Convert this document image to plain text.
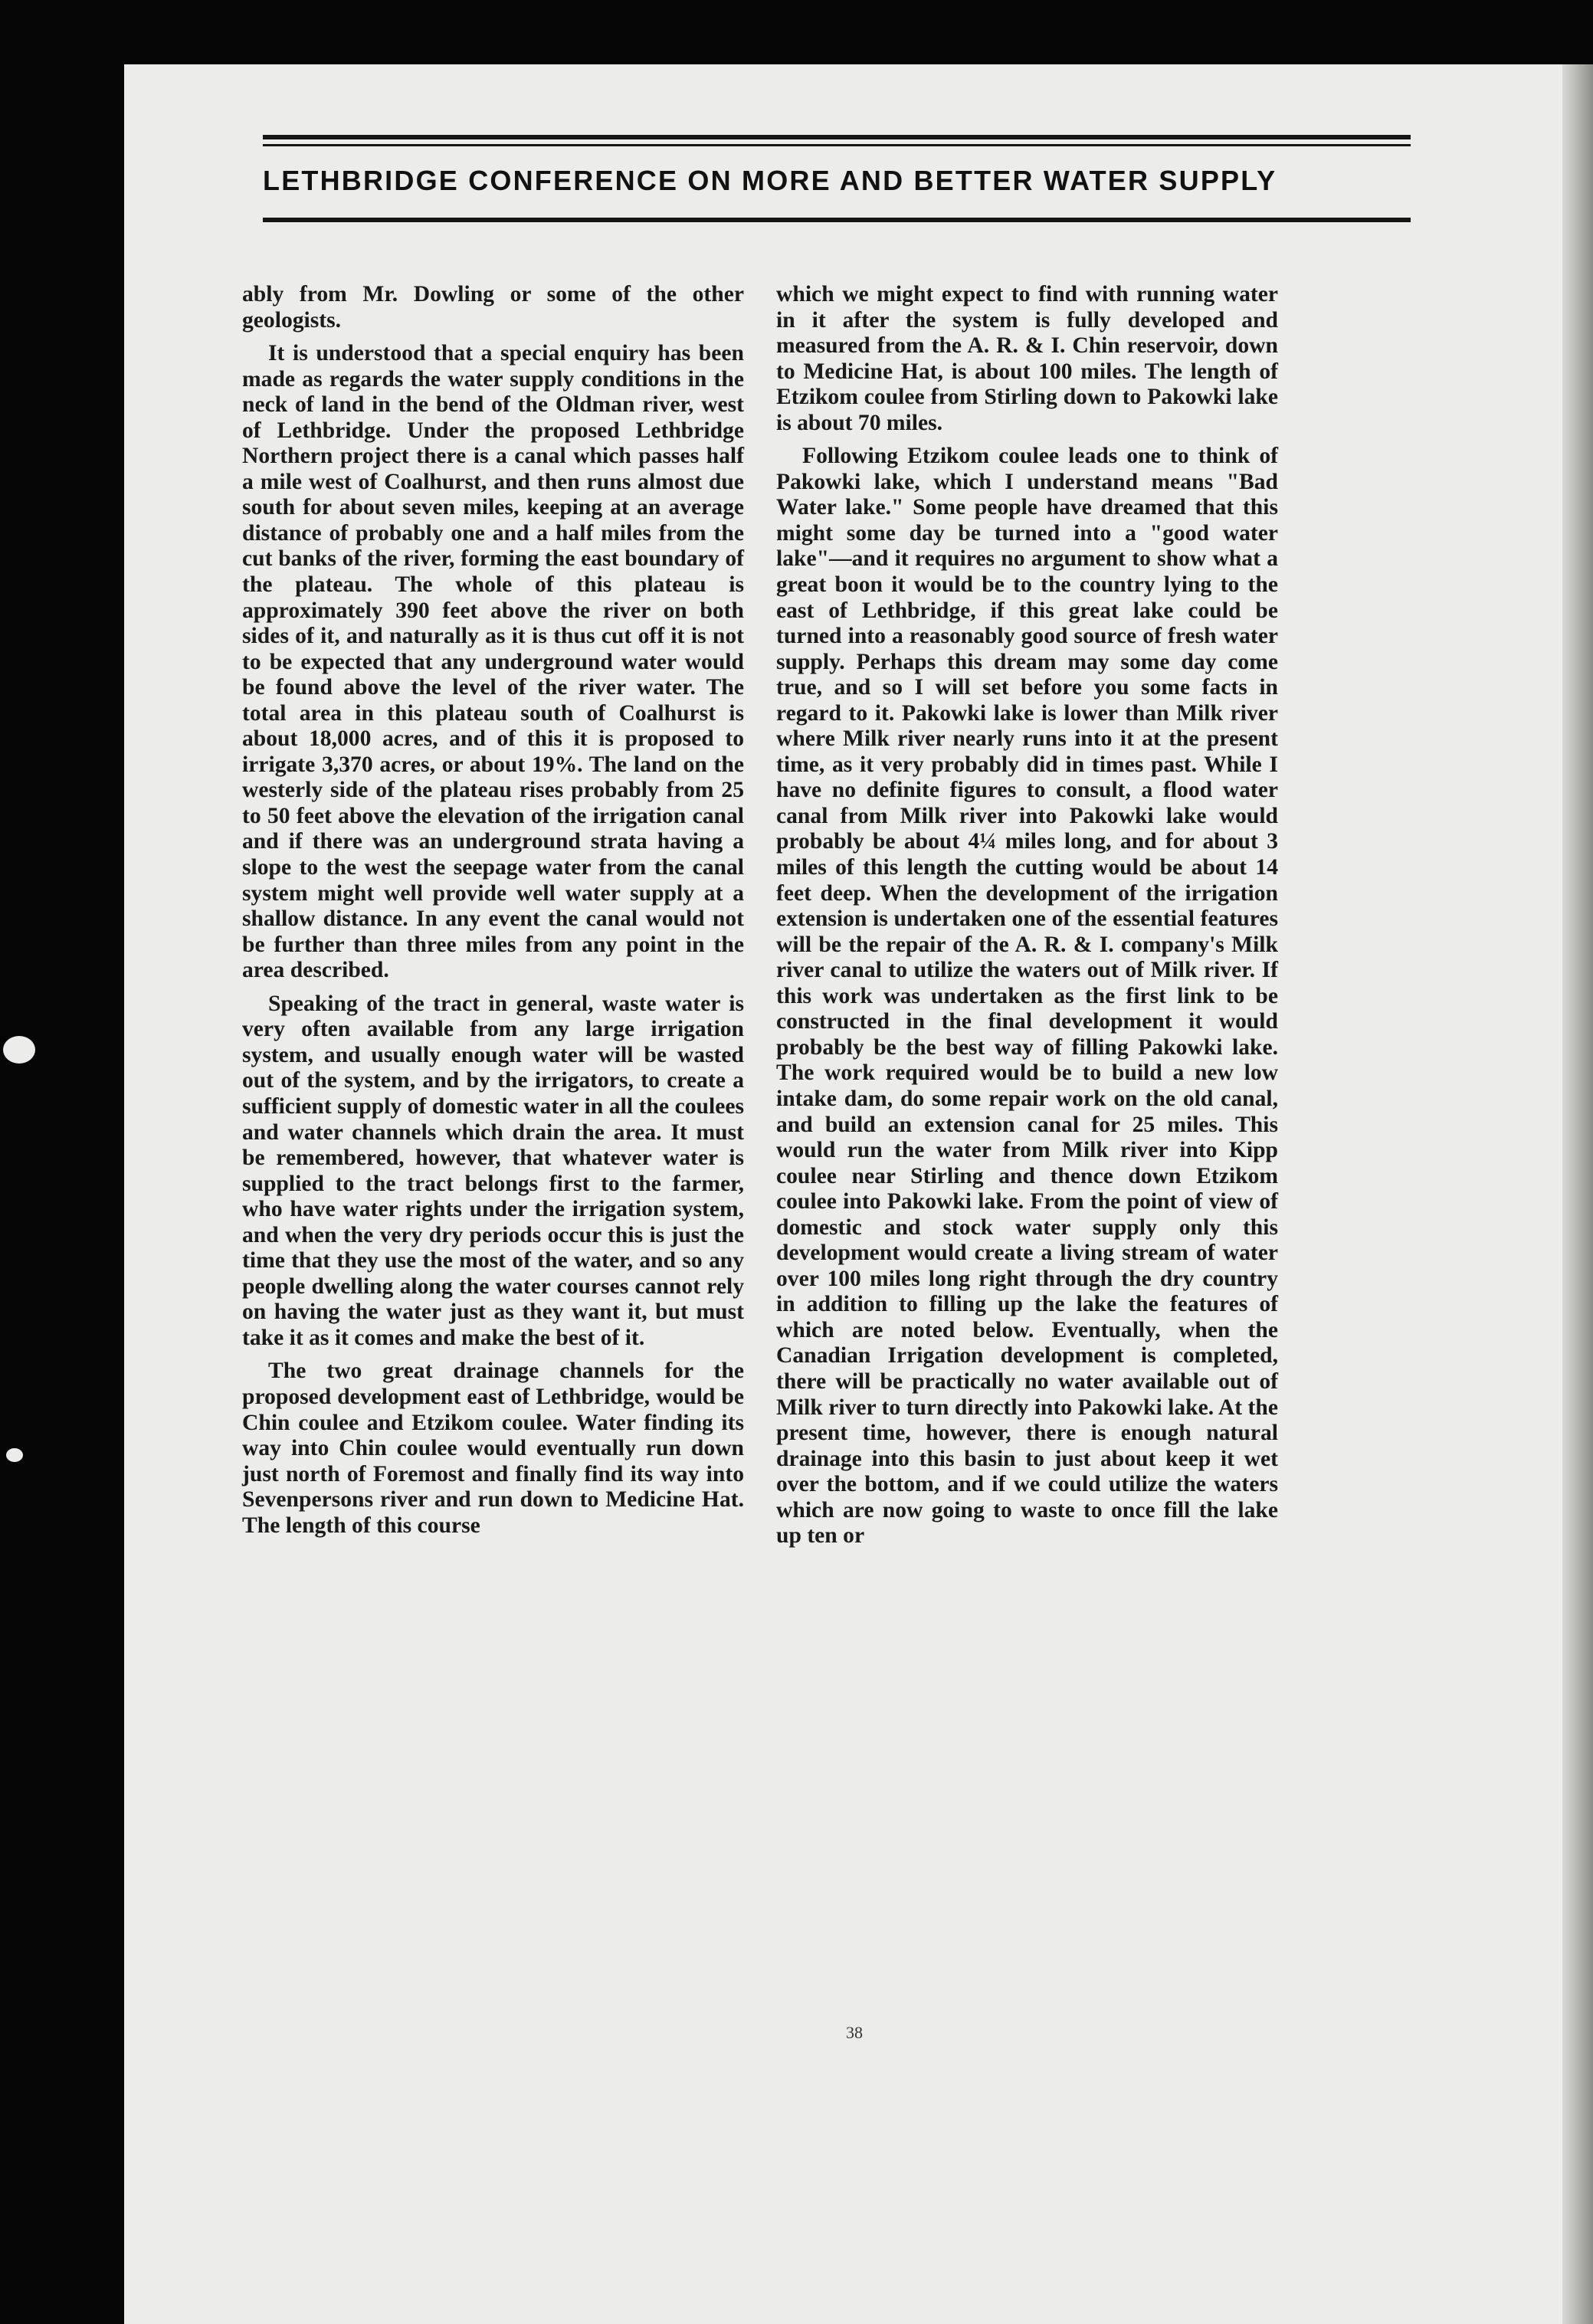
LETHBRIDGE CONFERENCE ON MORE AND BETTER WATER SUPPLY

ably from Mr. Dowling or some of the other geologists.

It is understood that a special enquiry has been made as regards the water supply conditions in the neck of land in the bend of the Oldman river, west of Lethbridge. Under the proposed Lethbridge Northern project there is a canal which passes half a mile west of Coalhurst, and then runs almost due south for about seven miles, keeping at an average distance of probably one and a half miles from the cut banks of the river, forming the east boundary of the plateau. The whole of this plateau is approximately 390 feet above the river on both sides of it, and naturally as it is thus cut off it is not to be expected that any underground water would be found above the level of the river water. The total area in this plateau south of Coalhurst is about 18,000 acres, and of this it is proposed to irrigate 3,370 acres, or about 19%. The land on the westerly side of the plateau rises probably from 25 to 50 feet above the elevation of the irrigation canal and if there was an underground strata having a slope to the west the seepage water from the canal system might well provide well water supply at a shallow distance. In any event the canal would not be further than three miles from any point in the area described.

Speaking of the tract in general, waste water is very often available from any large irrigation system, and usually enough water will be wasted out of the system, and by the irrigators, to create a sufficient supply of domestic water in all the coulees and water channels which drain the area. It must be remembered, however, that whatever water is supplied to the tract belongs first to the farmer, who have water rights under the irrigation system, and when the very dry periods occur this is just the time that they use the most of the water, and so any people dwelling along the water courses cannot rely on having the water just as they want it, but must take it as it comes and make the best of it.

The two great drainage channels for the proposed development east of Lethbridge, would be Chin coulee and Etzikom coulee. Water finding its way into Chin coulee would eventually run down just north of Foremost and finally find its way into Sevenpersons river and run down to Medicine Hat. The length of this course

which we might expect to find with running water in it after the system is fully developed and measured from the A. R. & I. Chin reservoir, down to Medicine Hat, is about 100 miles. The length of Etzikom coulee from Stirling down to Pakowki lake is about 70 miles.

Following Etzikom coulee leads one to think of Pakowki lake, which I understand means "Bad Water lake." Some people have dreamed that this might some day be turned into a "good water lake"—and it requires no argument to show what a great boon it would be to the country lying to the east of Lethbridge, if this great lake could be turned into a reasonably good source of fresh water supply. Perhaps this dream may some day come true, and so I will set before you some facts in regard to it. Pakowki lake is lower than Milk river where Milk river nearly runs into it at the present time, as it very probably did in times past. While I have no definite figures to consult, a flood water canal from Milk river into Pakowki lake would probably be about 4¼ miles long, and for about 3 miles of this length the cutting would be about 14 feet deep. When the development of the irrigation extension is undertaken one of the essential features will be the repair of the A. R. & I. company's Milk river canal to utilize the waters out of Milk river. If this work was undertaken as the first link to be constructed in the final development it would probably be the best way of filling Pakowki lake. The work required would be to build a new low intake dam, do some repair work on the old canal, and build an extension canal for 25 miles. This would run the water from Milk river into Kipp coulee near Stirling and thence down Etzikom coulee into Pakowki lake. From the point of view of domestic and stock water supply only this development would create a living stream of water over 100 miles long right through the dry country in addition to filling up the lake the features of which are noted below. Eventually, when the Canadian Irrigation development is completed, there will be practically no water available out of Milk river to turn directly into Pakowki lake. At the present time, however, there is enough natural drainage into this basin to just about keep it wet over the bottom, and if we could utilize the waters which are now going to waste to once fill the lake up ten or

38
